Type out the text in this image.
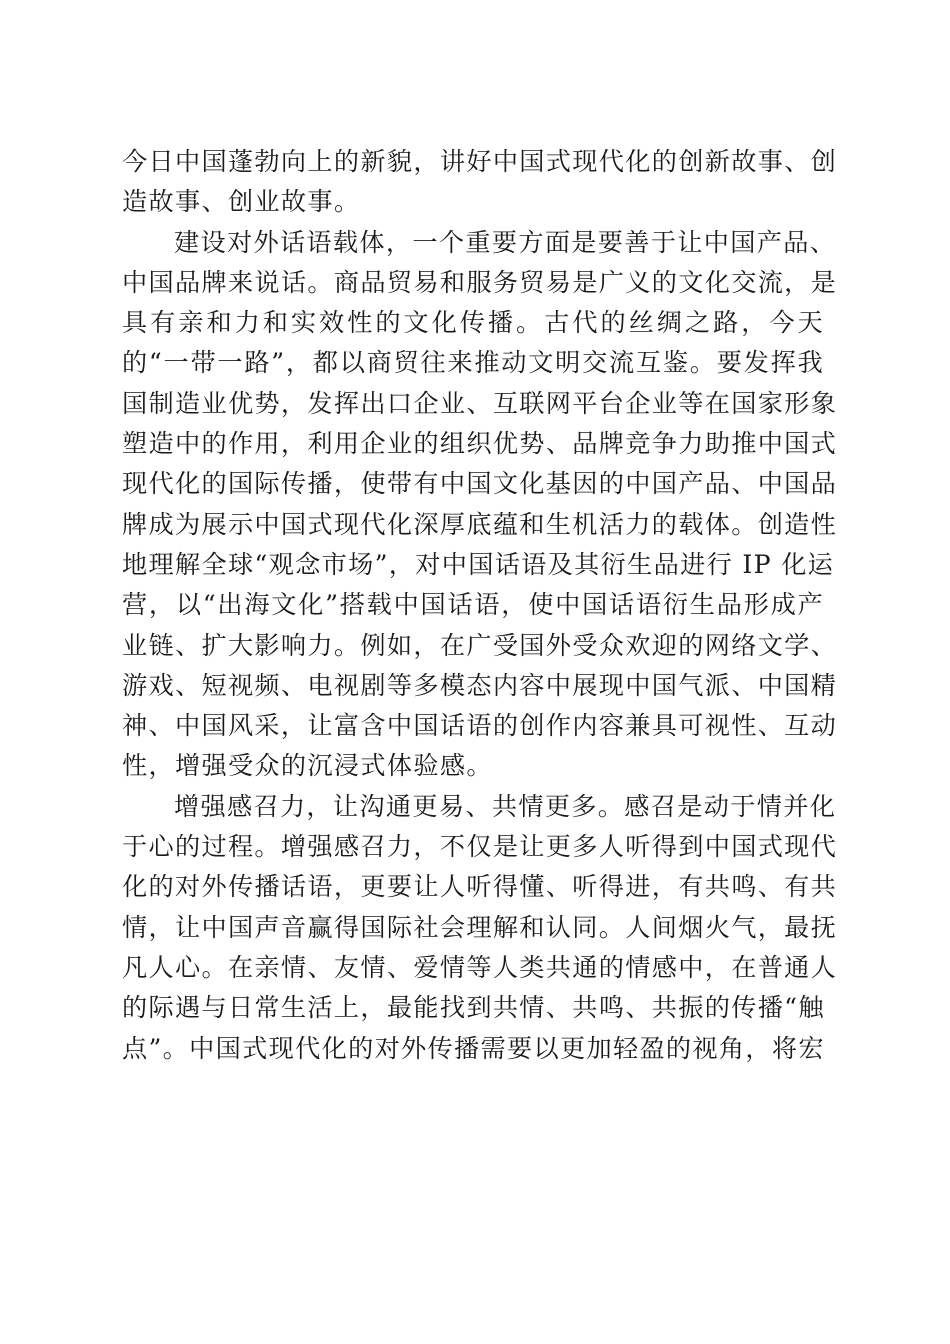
今日中国蓬勃向上的新貌，讲好中国式现代化的创新故事、创
造故事、创业故事。
建设对外话语载体，一个重要方面是要善于让中国产品、
中国品牌来说话。商品贸易和服务贸易是广义的文化交流，是
具有亲和力和实效性的文化传播。古代的丝绸之路，今天
的“一带一路”，都以商贸往来推动文明交流互鉴。要发挥我
国制造业优势，发挥出口企业、互联网平台企业等在国家形象
塑造中的作用，利用企业的组织优势、品牌竞争力助推中国式
现代化的国际传播，使带有中国文化基因的中国产品、中国品
牌成为展示中国式现代化深厚底蕴和生机活力的载体。创造性
地理解全球“观念市场”，对中国话语及其衍生品进行 IP 化运
营，以“出海文化”搭载中国话语，使中国话语衍生品形成产
业链、扩大影响力。例如，在广受国外受众欢迎的网络文学、
游戏、短视频、电视剧等多模态内容中展现中国气派、中国精
神、中国风采，让富含中国话语的创作内容兼具可视性、互动
性，增强受众的沉浸式体验感。
增强感召力，让沟通更易、共情更多。感召是动于情并化
于心的过程。增强感召力，不仅是让更多人听得到中国式现代
化的对外传播话语，更要让人听得懂、听得进，有共鸣、有共
情，让中国声音赢得国际社会理解和认同。人间烟火气，最抚
凡人心。在亲情、友情、爱情等人类共通的情感中，在普通人
的际遇与日常生活上，最能找到共情、共鸣、共振的传播“触
点”。中国式现代化的对外传播需要以更加轻盈的视角，将宏
